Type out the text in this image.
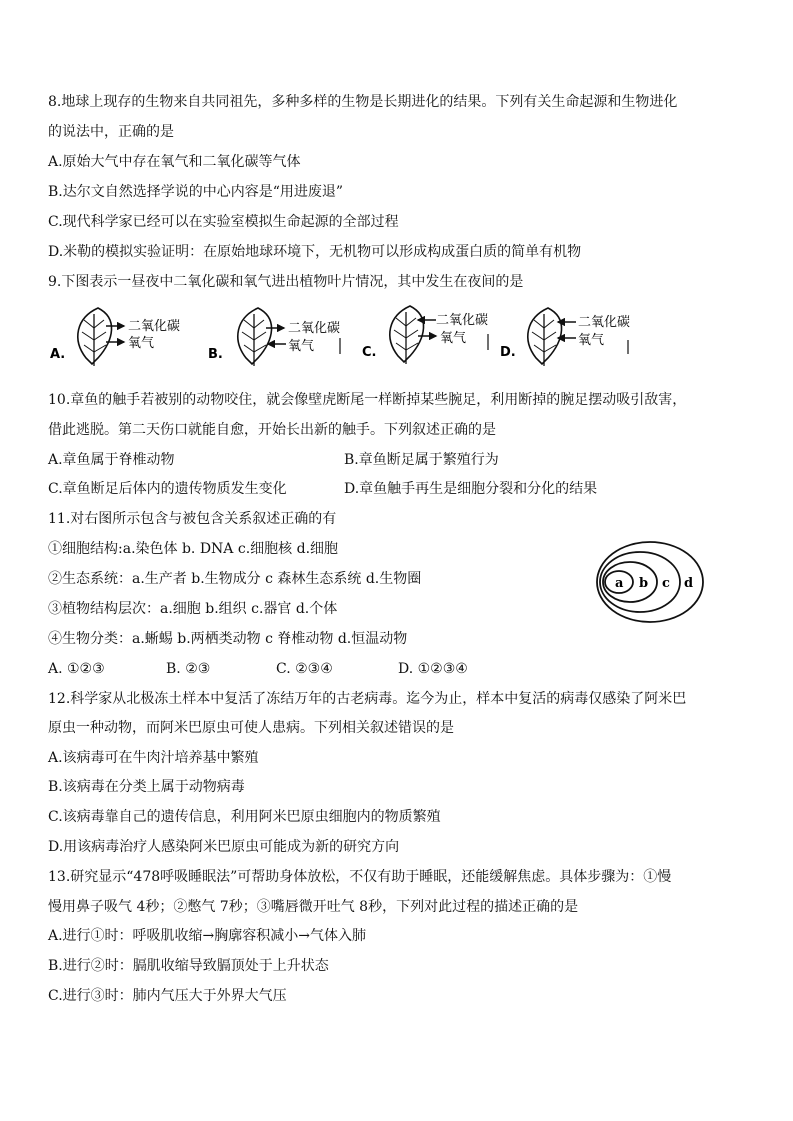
8.地球上现存的生物来自共同祖先，多种多样的生物是长期进化的结果。下列有关生命起源和生物进化
的说法中，正确的是
A.原始大气中存在氧气和二氧化碳等气体
B.达尔文自然选择学说的中心内容是“用进废退”
C.现代科学家已经可以在实验室模拟生命起源的全部过程
D.米勒的模拟实验证明：在原始地球环境下，无机物可以形成构成蛋白质的简单有机物
9.下图表示一昼夜中二氧化碳和氧气进出植物叶片情况，其中发生在夜间的是
A.
二氧化碳
氧气
B.
二氧化碳
氧气	C.
二氧化碳
氧气
D.
二氧化碳
氧气
10.章鱼的触手若被别的动物咬住，就会像壁虎断尾一样断掉某些腕足，利用断掉的腕足摆动吸引敌害，
借此逃脱。第二天伤口就能自愈，开始长出新的触手。下列叙述正确的是
A.章鱼属于脊椎动物	B.章鱼断足属于繁殖行为
C.章鱼断足后体内的遗传物质发生变化	D.章鱼触手再生是细胞分裂和分化的结果
11.对右图所示包含与被包含关系叙述正确的有
①细胞结构:a.染色体 b. DNA c.细胞核 d.细胞
②生态系统：a.生产者 b.生物成分 c 森林生态系统 d.生物圈
③植物结构层次：a.细胞 b.组织 c.器官 d.个体
④生物分类：a.蜥蜴 b.两栖类动物 c 脊椎动物 d.恒温动物
A. ①②③	B. ②③	C. ②③④	D. ①②③④
a b c d
12.科学家从北极冻土样本中复活了冻结万年的古老病毒。迄今为止，样本中复活的病毒仅感染了阿米巴
原虫一种动物，而阿米巴原虫可使人患病。下列相关叙述错误的是
A.该病毒可在牛肉汁培养基中繁殖
B.该病毒在分类上属于动物病毒
C.该病毒靠自己的遗传信息，利用阿米巴原虫细胞内的物质繁殖
D.用该病毒治疗人感染阿米巴原虫可能成为新的研究方向
13.研究显示“478呼吸睡眠法”可帮助身体放松，不仅有助于睡眠，还能缓解焦虑。具体步骤为：①慢
慢用鼻子吸气 4秒；②憋气 7秒；③嘴唇微开吐气 8秒，下列对此过程的描述正确的是
A.进行①时：呼吸肌收缩→胸廓容积减小→气体入肺
B.进行②时：膈肌收缩导致膈顶处于上升状态
C.进行③时：肺内气压大于外界大气压
